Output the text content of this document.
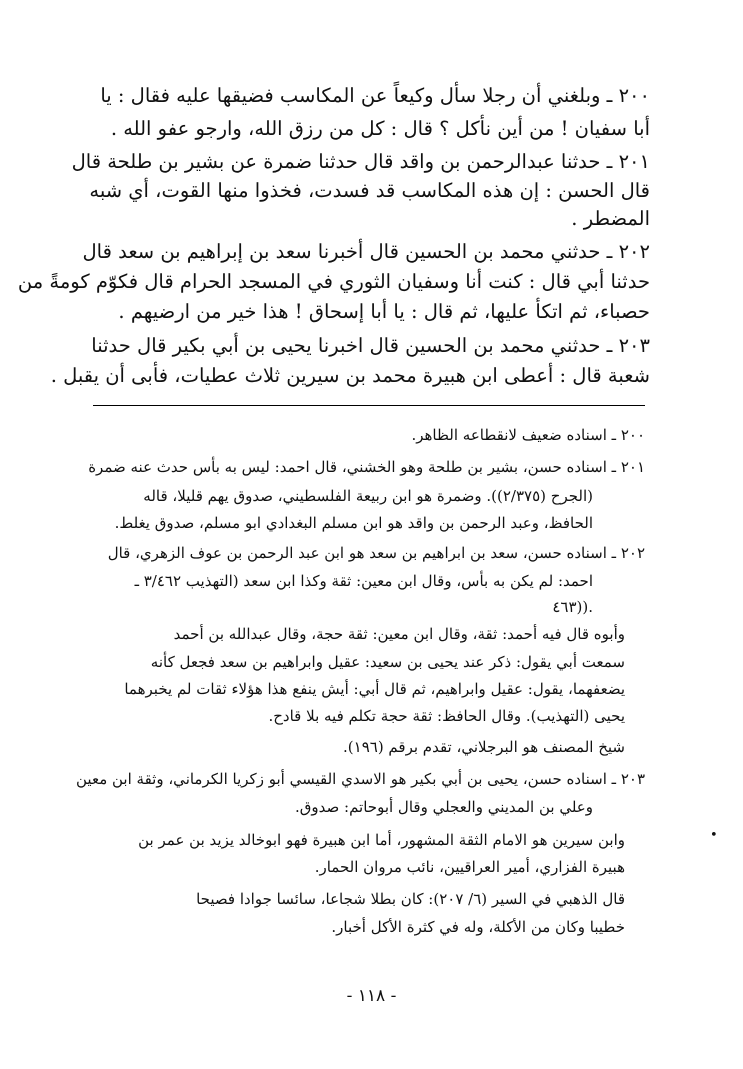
٢٠٠ ـ وبلغني أن رجلا سأل وكيعاً عن المكاسب فضيقها عليه فقال : يا
أبا سفيان ! من أين نأكل ؟ قال : كل من رزق الله، وارجو عفو الله .
٢٠١ ـ حدثنا عبدالرحمن بن واقد قال حدثنا ضمرة عن بشير بن طلحة قال
قال الحسن : إن هذه المكاسب قد فسدت، فخذوا منها القوت، أي شبه
المضطر .
٢٠٢ ـ حدثني محمد بن الحسين قال أخبرنا سعد بن إبراهيم بن سعد قال
حدثنا أبي قال : كنت أنا وسفيان الثوري في المسجد الحرام قال فكوّم كومةً من
حصباء، ثم اتكأ عليها، ثم قال : يا أبا إسحاق ! هذا خير من ارضيهم .
٢٠٣ ـ حدثني محمد بن الحسين قال اخبرنا يحيى بن أبي بكير قال حدثنا
شعبة قال : أعطى ابن هبيرة محمد بن سيرين ثلاث عطيات، فأبى أن يقبل .
٢٠٠ ـ اسناده ضعيف لانقطاعه الظاهر.
٢٠١ ـ اسناده حسن، بشير بن طلحة وهو الخشني، قال احمد: ليس به بأس حدث عنه ضمرة
(الجرح (٢/٣٧٥)). وضمرة هو ابن ربيعة الفلسطيني، صدوق يهم قليلا، قاله
الحافظ، وعبد الرحمن بن واقد هو ابن مسلم البغدادي ابو مسلم، صدوق يغلط.
٢٠٢ ـ اسناده حسن، سعد بن ابراهيم بن سعد هو ابن عبد الرحمن بن عوف الزهري، قال
احمد: لم يكن به بأس، وقال ابن معين: ثقة وكذا ابن سعد (التهذيب ٣/٤٦٢ ـ
٤٦٣)).
وأبوه قال فيه أحمد: ثقة، وقال ابن معين: ثقة حجة، وقال عبدالله بن أحمد
سمعت أبي يقول: ذكر عند يحيى بن سعيد: عقيل وابراهيم بن سعد فجعل كأنه
يضعفهما، يقول: عقيل وابراهيم، ثم قال أبي: أيش ينفع هذا هؤلاء ثقات لم يخبرهما
يحيى (التهذيب). وقال الحافظ: ثقة حجة تكلم فيه بلا قادح.
شيخ المصنف هو البرجلاني، تقدم برقم (١٩٦).
٢٠٣ ـ اسناده حسن، يحيى بن أبي بكير هو الاسدي القيسي أبو زكريا الكرماني، وثقة ابن معين
وعلي بن المديني والعجلي وقال أبوحاتم: صدوق.
وابن سيرين هو الامام الثقة المشهور، أما ابن هبيرة فهو ابوخالد يزيد بن عمر بن
هبيرة الفزاري، أمير العراقيين، نائب مروان الحمار.
قال الذهبي في السير (٦/ ٢٠٧): كان بطلا شجاعا، سائسا جوادا فصيحا
خطيبا وكان من الأكلة، وله في كثرة الأكل أخبار.
•
- ١١٨ -
